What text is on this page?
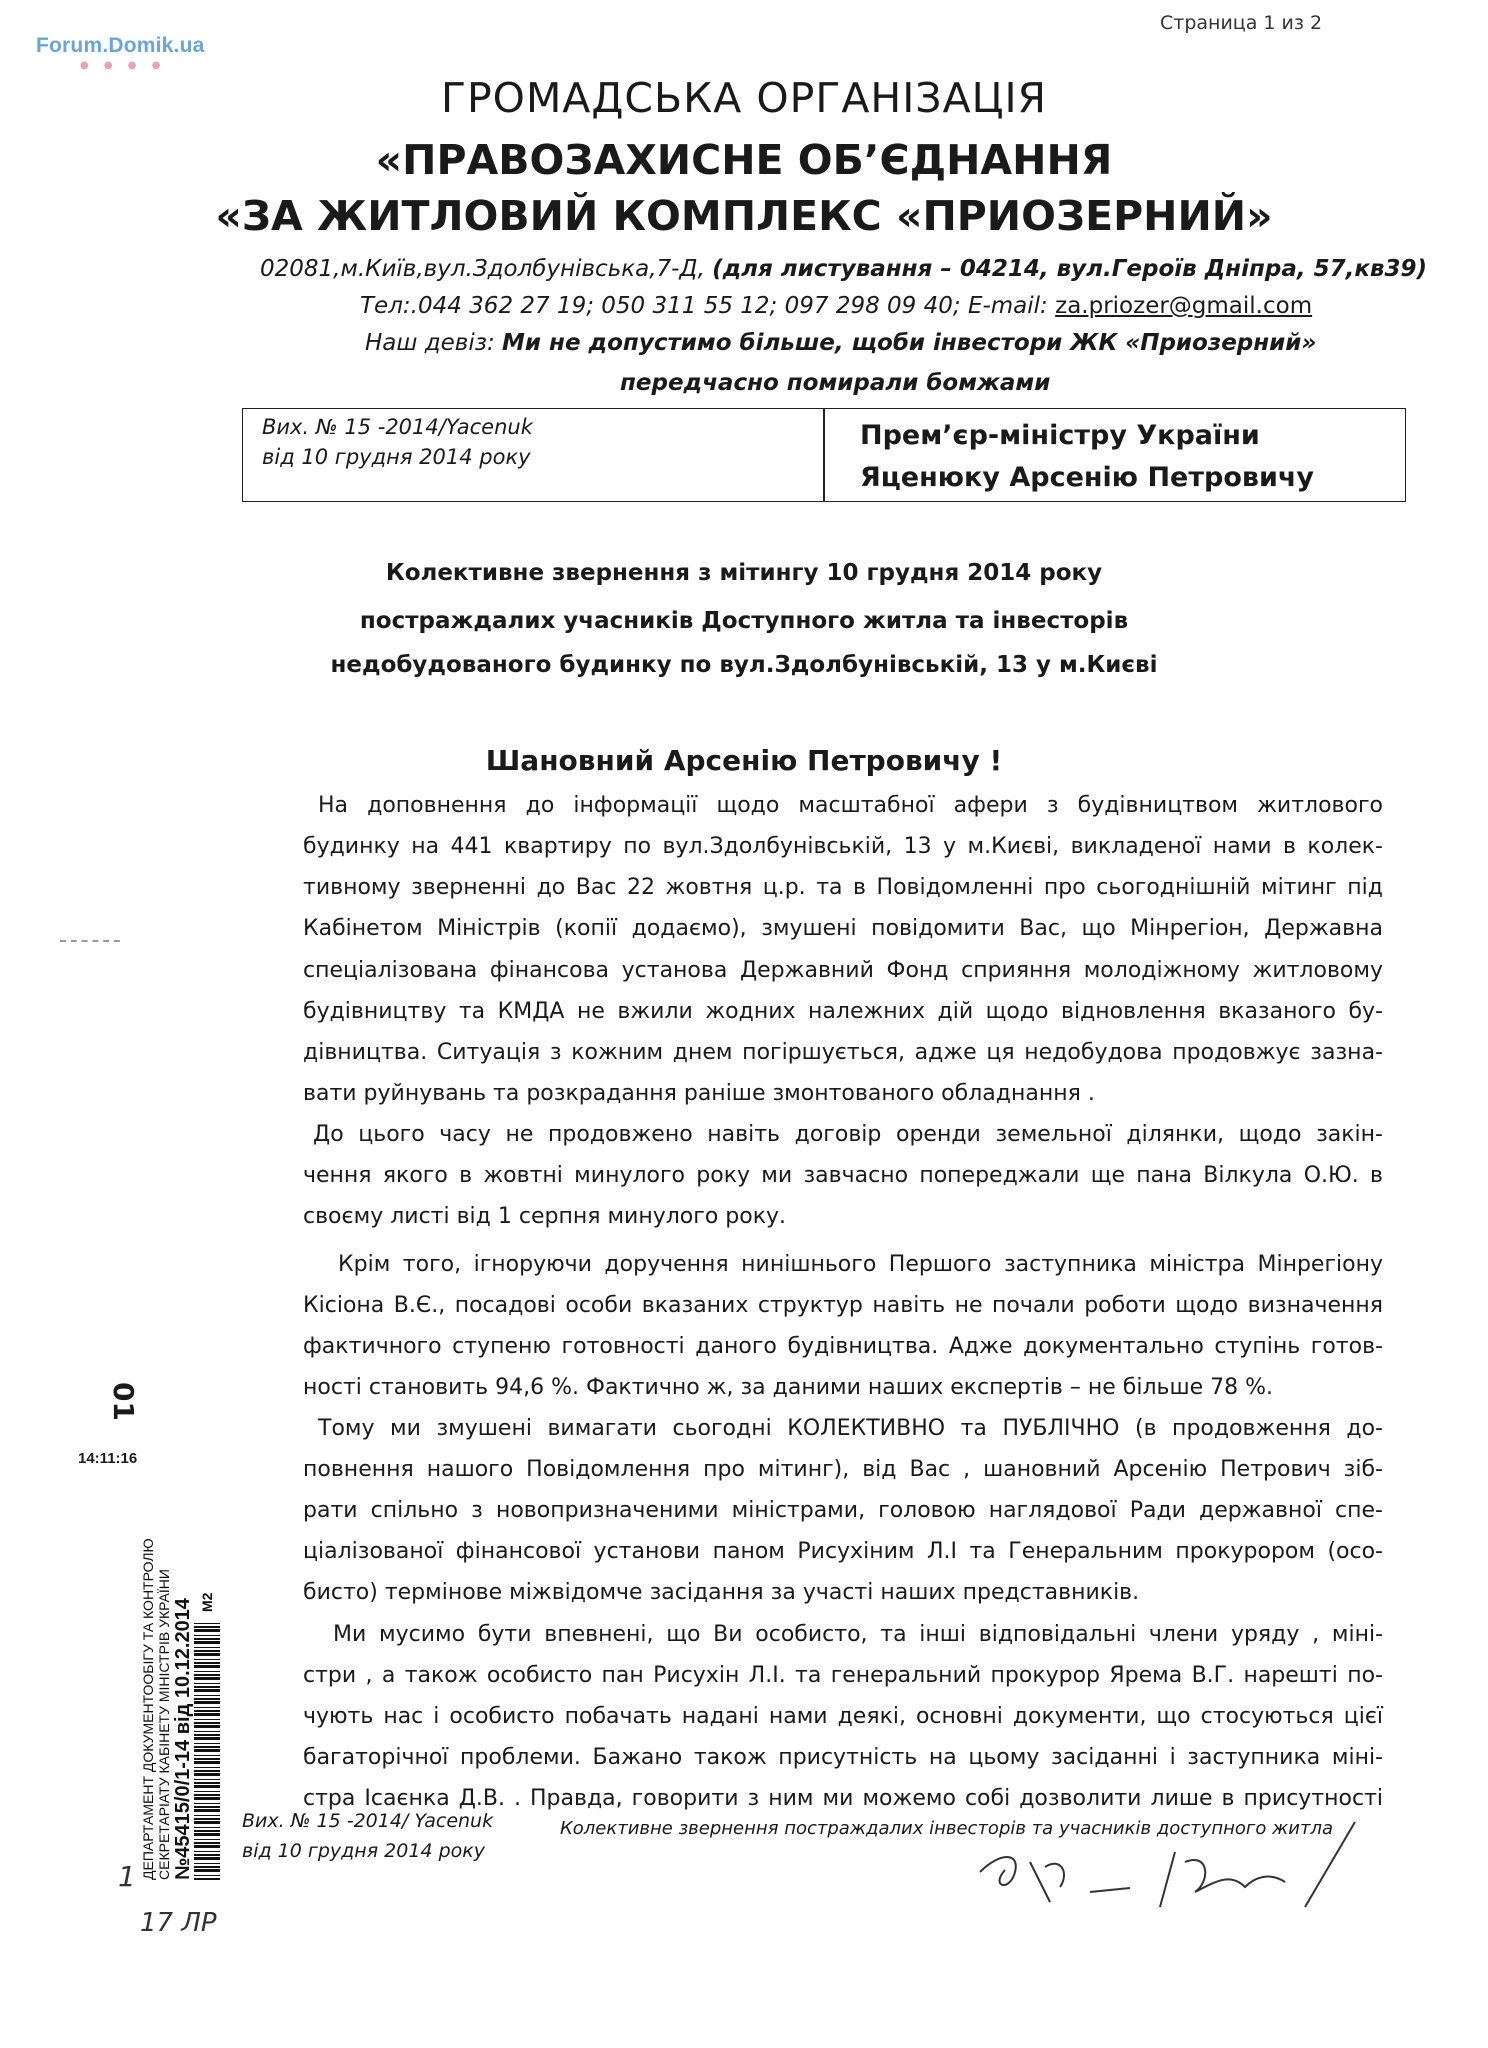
Forum.Domik.ua
● ● ● ●
Страница 1 из 2
ГРОМАДСЬКА ОРГАНІЗАЦІЯ
«ПРАВОЗАХИСНЕ ОБ’ЄДНАННЯ
«ЗА ЖИТЛОВИЙ КОМПЛЕКС «ПРИОЗЕРНИЙ»
02081,м.Київ,вул.Здолбунівська,7-Д, (для листування – 04214, вул.Героїв Дніпра, 57,кв39)
Тел:.044 362 27 19; 050 311 55 12; 097 298 09 40; E-mail: za.priozer@gmail.com
Наш девіз: Ми не допустимо більше, щоби інвестори ЖК «Приозерний»
передчасно помирали бомжами
Вих. № 15 -2014/Yacenuk
від 10 грудня 2014 року
Прем’єр-міністру України
Яценюку Арсенію Петровичу
Колективне звернення з мітингу 10 грудня 2014 року
постраждалих учасників Доступного житла та інвесторів
недобудованого будинку по вул.Здолбунівській, 13 у м.Києві
Шановний Арсенію Петровичу !
На доповнення до інформації щодо масштабної афери з будівництвом житлового
будинку на 441 квартиру по вул.Здолбунівській, 13 у м.Києві, викладеної нами в колек-
тивному зверненні до Вас 22 жовтня ц.р. та в Повідомленні про сьогоднішній мітинг під
Кабінетом Міністрів (копії додаємо), змушені повідомити Вас, що Мінрегіон, Державна
спеціалізована фінансова установа Державний Фонд сприяння молодіжному житловому
будівництву та КМДА не вжили жодних належних дій щодо відновлення вказаного бу-
дівництва. Ситуація з кожним днем погіршується, адже ця недобудова продовжує зазна-
вати руйнувань та розкрадання раніше змонтованого обладнання .
До цього часу не продовжено навіть договір оренди земельної ділянки, щодо закін-
чення якого в жовтні минулого року ми завчасно попереджали ще пана Вілкула О.Ю. в
своєму листі від 1 серпня минулого року.
Крім того, ігноруючи доручення нинішнього Першого заступника міністра Мінрегіону
Кісіона В.Є., посадові особи вказаних структур навіть не почали роботи щодо визначення
фактичного ступеню готовності даного будівництва. Адже документально ступінь готов-
ності становить 94,6 %. Фактично ж, за даними наших експертів – не більше 78 %.
Тому ми змушені вимагати сьогодні КОЛЕКТИВНО та ПУБЛІЧНО (в продовження до-
повнення нашого Повідомлення про мітинг), від Вас , шановний Арсенію Петрович зіб-
рати спільно з новопризначеними міністрами, головою наглядової Ради державної спе-
ціалізованої фінансової установи паном Рисухіним Л.І та Генеральним прокурором (осо-
бисто) термінове міжвідомче засідання за участі наших представників.
Ми мусимо бути впевнені, що Ви особисто, та інші відповідальні члени уряду , міні-
стри , а також особисто пан Рисухін Л.І. та генеральний прокурор Ярема В.Г. нарешті по-
чують нас і особисто побачать надані нами деякі, основні документи, що стосуються цієї
багаторічної проблеми. Бажано також присутність на цьому засіданні і заступника міні-
стра Ісаєнка Д.В. . Правда, говорити з ним ми можемо собі дозволити лише в присутності
01
14:11:16
ДЕПАРТАМЕНТ ДОКУМЕНТООБІГУ ТА КОНТРОЛЮ СЕКРЕТАРІАТУ КАБІНЕТУ МІНІСТРІВ УКРАЇНИ №45415/0/1-14 від 10.12.2014 M2
1
17 ЛР
Вих. № 15 -2014/ Yacenuk
від 10 грудня 2014 року
Колективне звернення постраждалих інвесторів та учасників доступного житла
